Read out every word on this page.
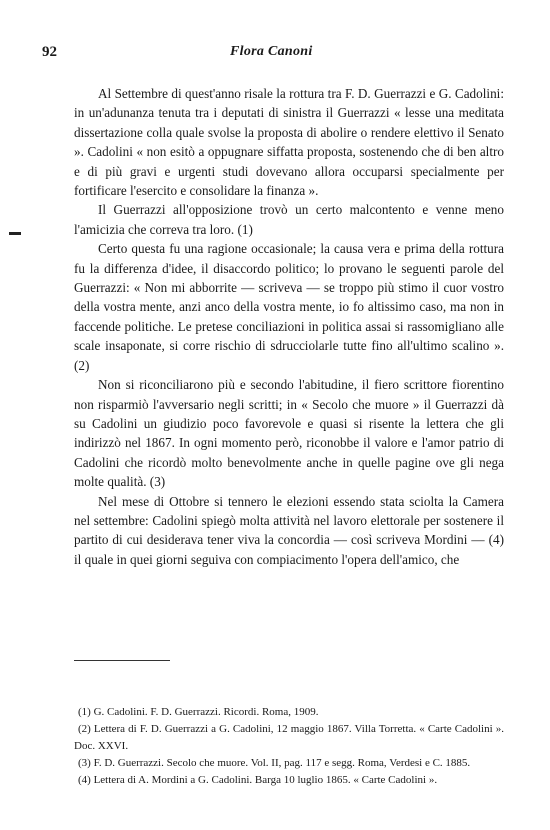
92	Flora Canoni

Al Settembre di quest'anno risale la rottura tra F. D. Guerrazzi e G. Cadolini: in un'adunanza tenuta tra i deputati di sinistra il Guerrazzi « lesse una meditata dissertazione colla quale svolse la proposta di abolire o rendere elettivo il Senato ». Cadolini « non esitò a oppugnare siffatta proposta, sostenendo che di ben altro e di più gravi e urgenti studi dovevano allora occuparsi specialmente per fortificare l'esercito e consolidare la finanza ».

Il Guerrazzi all'opposizione trovò un certo malcontento e venne meno l'amicizia che correva tra loro. (1)

Certo questa fu una ragione occasionale; la causa vera e prima della rottura fu la differenza d'idee, il disaccordo politico; lo provano le seguenti parole del Guerrazzi: « Non mi abborrite — scriveva — se troppo più stimo il cuor vostro della vostra mente, anzi anco della vostra mente, io fo altissimo caso, ma non in faccende politiche. Le pretese conciliazioni in politica assai si rassomigliano alle scale insaponate, si corre rischio di sdrucciolarle tutte fino all'ultimo scalino ». (2)

Non si riconciliarono più e secondo l'abitudine, il fiero scrittore fiorentino non risparmiò l'avversario negli scritti; in « Secolo che muore » il Guerrazzi dà su Cadolini un giudizio poco favorevole e quasi si risente la lettera che gli indirizzò nel 1867. In ogni momento però, riconobbe il valore e l'amor patrio di Cadolini che ricordò molto benevolmente anche in quelle pagine ove gli nega molte qualità. (3)

Nel mese di Ottobre si tennero le elezioni essendo stata sciolta la Camera nel settembre: Cadolini spiegò molta attività nel lavoro elettorale per sostenere il partito di cui desiderava tener viva la concordia — così scriveva Mordini — (4) il quale in quei giorni seguiva con compiacimento l'opera dell'amico, che

(1) G. Cadolini. F. D. Guerrazzi. Ricordi. Roma, 1909.

(2) Lettera di F. D. Guerrazzi a G. Cadolini, 12 maggio 1867. Villa Torretta. « Carte Cadolini ». Doc. XXVI.

(3) F. D. Guerrazzi. Secolo che muore. Vol. II, pag. 117 e segg. Roma, Verdesi e C. 1885.

(4) Lettera di A. Mordini a G. Cadolini. Barga 10 luglio 1865. « Carte Cadolini ».
